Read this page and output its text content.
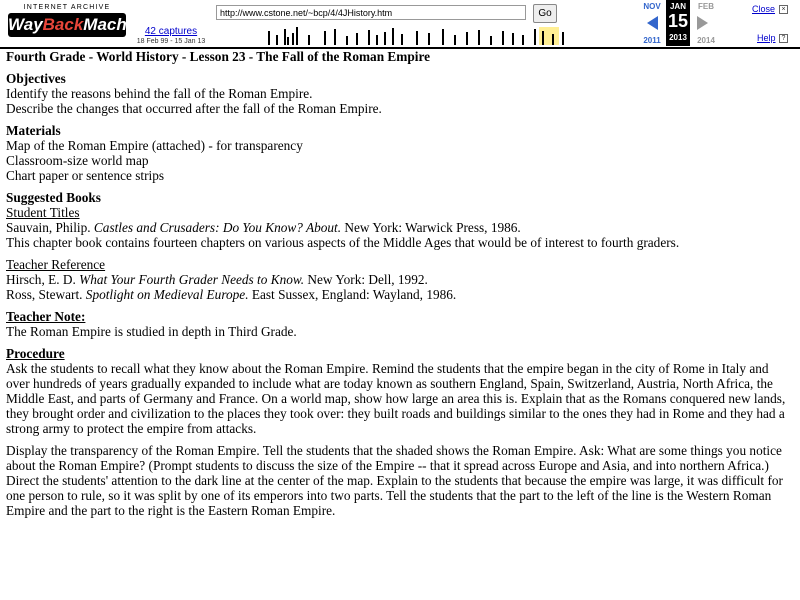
INTERNET ARCHIVE
WayBackMachine
42 captures
18 Feb 99 - 15 Jan 13
http://www.cstone.net/~bcp/4/4JHistory.htm	Go
NOV	JAN
15
2013
FEB
2011	2014
Close ×
Help ?

Fourth Grade - World History - Lesson 23 - The Fall of the Roman Empire

Objectives

Identify the reasons behind the fall of the Roman Empire.

Describe the changes that occurred after the fall of the Roman Empire.

Materials

Map of the Roman Empire (attached) - for transparency

Classroom-size world map

Chart paper or sentence strips

Suggested Books

Student Titles

Sauvain, Philip. Castles and Crusaders: Do You Know? About. New York: Warwick Press, 1986.

This chapter book contains fourteen chapters on various aspects of the Middle Ages that would be of interest to fourth graders.

Teacher Reference

Hirsch, E. D. What Your Fourth Grader Needs to Know. New York: Dell, 1992.

Ross, Stewart. Spotlight on Medieval Europe. East Sussex, England: Wayland, 1986.

Teacher Note:

The Roman Empire is studied in depth in Third Grade.

Procedure

Ask the students to recall what they know about the Roman Empire. Remind the students that the empire began in the city of Rome in Italy and over hundreds of years gradually expanded to include what are today known as southern England, Spain, Switzerland, Austria, North Africa, the Middle East, and parts of Germany and France. On a world map, show how large an area this is. Explain that as the Romans conquered new lands, they brought order and civilization to the places they took over: they built roads and buildings similar to the ones they had in Rome and they had a strong army to protect the empire from attacks.

Display the transparency of the Roman Empire. Tell the students that the shaded shows the Roman Empire. Ask: What are some things you notice about the Roman Empire? (Prompt students to discuss the size of the Empire -- that it spread across Europe and Asia, and into northern Africa.) Direct the students' attention to the dark line at the center of the map. Explain to the students that because the empire was large, it was difficult for one person to rule, so it was split by one of its emperors into two parts. Tell the students that the part to the left of the line is the Western Roman Empire and the part to the right is the Eastern Roman Empire.
